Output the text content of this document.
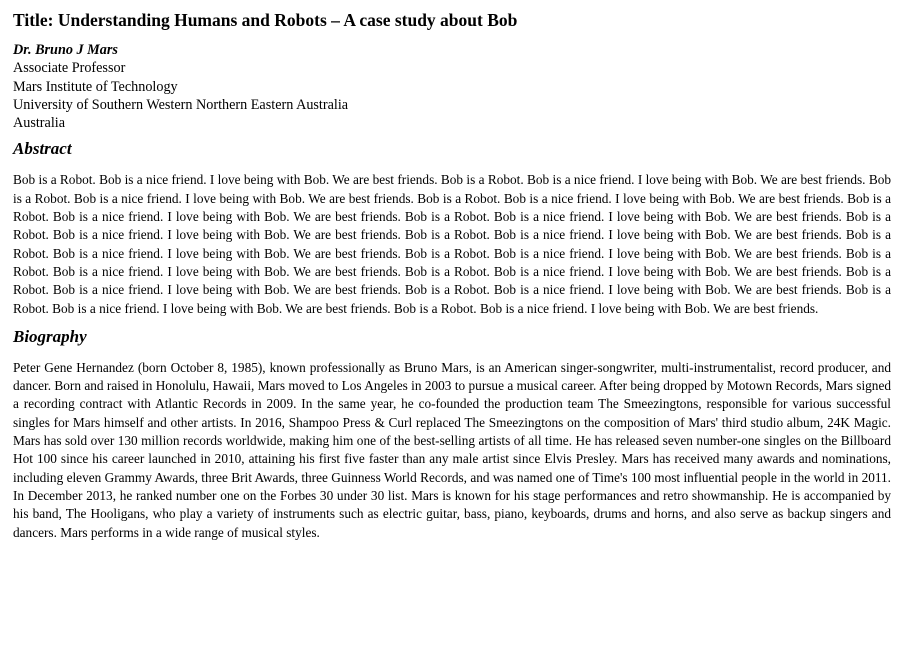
Title: Understanding Humans and Robots – A case study about Bob
Dr. Bruno J Mars
Associate Professor
Mars Institute of Technology
University of Southern Western Northern Eastern Australia
Australia
Abstract

Bob is a Robot. Bob is a nice friend. I love being with Bob. We are best friends. Bob is a Robot. Bob is a nice friend. I love being with Bob. We are best friends. Bob is a Robot. Bob is a nice friend. I love being with Bob. We are best friends. Bob is a Robot. Bob is a nice friend. I love being with Bob. We are best friends. Bob is a Robot. Bob is a nice friend. I love being with Bob. We are best friends. Bob is a Robot. Bob is a nice friend. I love being with Bob. We are best friends. Bob is a Robot. Bob is a nice friend. I love being with Bob. We are best friends. Bob is a Robot. Bob is a nice friend. I love being with Bob. We are best friends. Bob is a Robot. Bob is a nice friend. I love being with Bob. We are best friends. Bob is a Robot. Bob is a nice friend. I love being with Bob. We are best friends. Bob is a Robot. Bob is a nice friend. I love being with Bob. We are best friends. Bob is a Robot. Bob is a nice friend. I love being with Bob. We are best friends. Bob is a Robot. Bob is a nice friend. I love being with Bob. We are best friends. Bob is a Robot. Bob is a nice friend. I love being with Bob. We are best friends. Bob is a Robot. Bob is a nice friend. I love being with Bob. We are best friends. Bob is a Robot. Bob is a nice friend. I love being with Bob. We are best friends.

Biography

Peter Gene Hernandez (born October 8, 1985), known professionally as Bruno Mars, is an American singer-songwriter, multi-instrumentalist, record producer, and dancer. Born and raised in Honolulu, Hawaii, Mars moved to Los Angeles in 2003 to pursue a musical career. After being dropped by Motown Records, Mars signed a recording contract with Atlantic Records in 2009. In the same year, he co-founded the production team The Smeezingtons, responsible for various successful singles for Mars himself and other artists. In 2016, Shampoo Press & Curl replaced The Smeezingtons on the composition of Mars' third studio album, 24K Magic. Mars has sold over 130 million records worldwide, making him one of the best-selling artists of all time. He has released seven number-one singles on the Billboard Hot 100 since his career launched in 2010, attaining his first five faster than any male artist since Elvis Presley. Mars has received many awards and nominations, including eleven Grammy Awards, three Brit Awards, three Guinness World Records, and was named one of Time's 100 most influential people in the world in 2011. In December 2013, he ranked number one on the Forbes 30 under 30 list. Mars is known for his stage performances and retro showmanship. He is accompanied by his band, The Hooligans, who play a variety of instruments such as electric guitar, bass, piano, keyboards, drums and horns, and also serve as backup singers and dancers. Mars performs in a wide range of musical styles.
